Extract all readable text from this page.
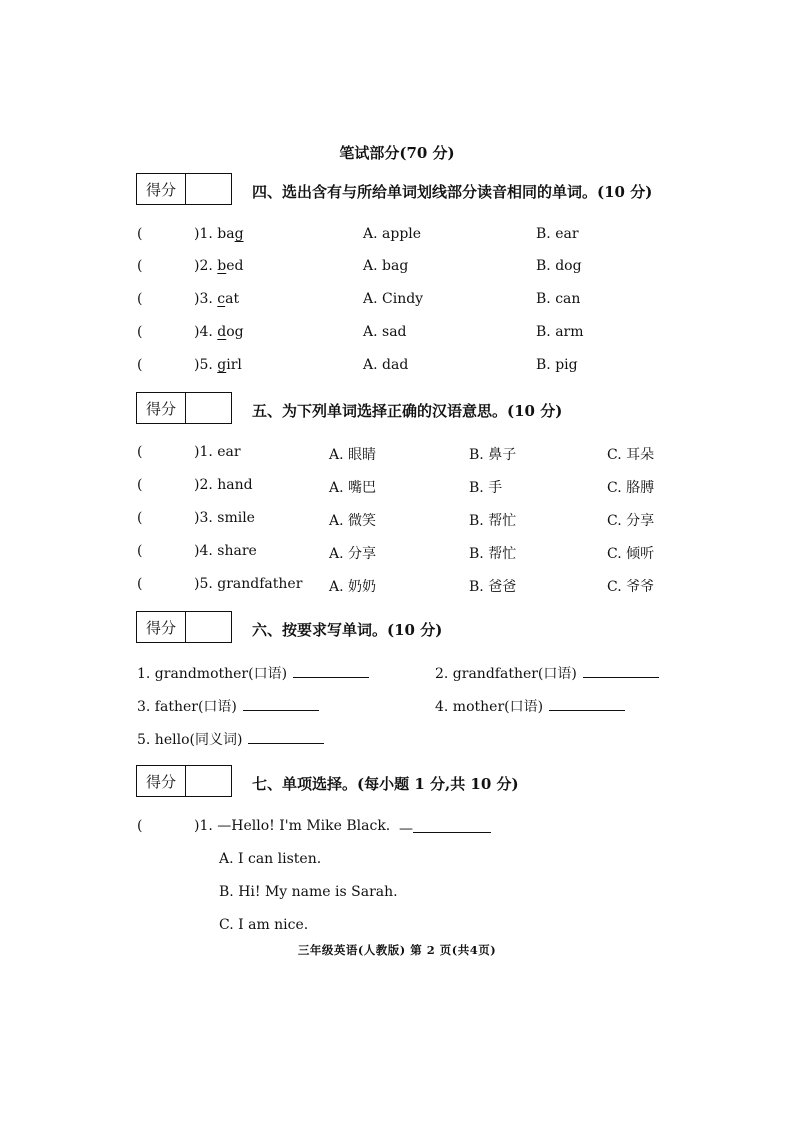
笔试部分(70 分)
得分	四、选出含有与所给单词划线部分读音相同的单词。(10 分)
(	)1. bag	A. apple	B. ear
(	)2. bed	A. bag	B. dog
(	)3. cat	A. Cindy	B. can
(	)4. dog	A. sad	B. arm
(	)5. girl	A. dad	B. pig
得分	五、为下列单词选择正确的汉语意思。(10 分)
(	)1. ear	A. 眼睛	B. 鼻子	C. 耳朵
(	)2. hand	A. 嘴巴	B. 手	C. 胳膊
(	)3. smile	A. 微笑	B. 帮忙	C. 分享
(	)4. share	A. 分享	B. 帮忙	C. 倾听
(	)5. grandfather A. 奶奶	B. 爸爸	C. 爷爷
得分	六、按要求写单词。(10 分)
1. grandmother(口语)	2. grandfather(口语)
3. father(口语)	4. mother(口语)
5. hello(同义词)
得分	七、单项选择。(每小题 1 分,共 10 分)
(	)1. —Hello! I'm Mike Black. —
A. I can listen.
B. Hi! My name is Sarah.
C. I am nice.
三年级英语(人教版) 第 2 页(共4页)
